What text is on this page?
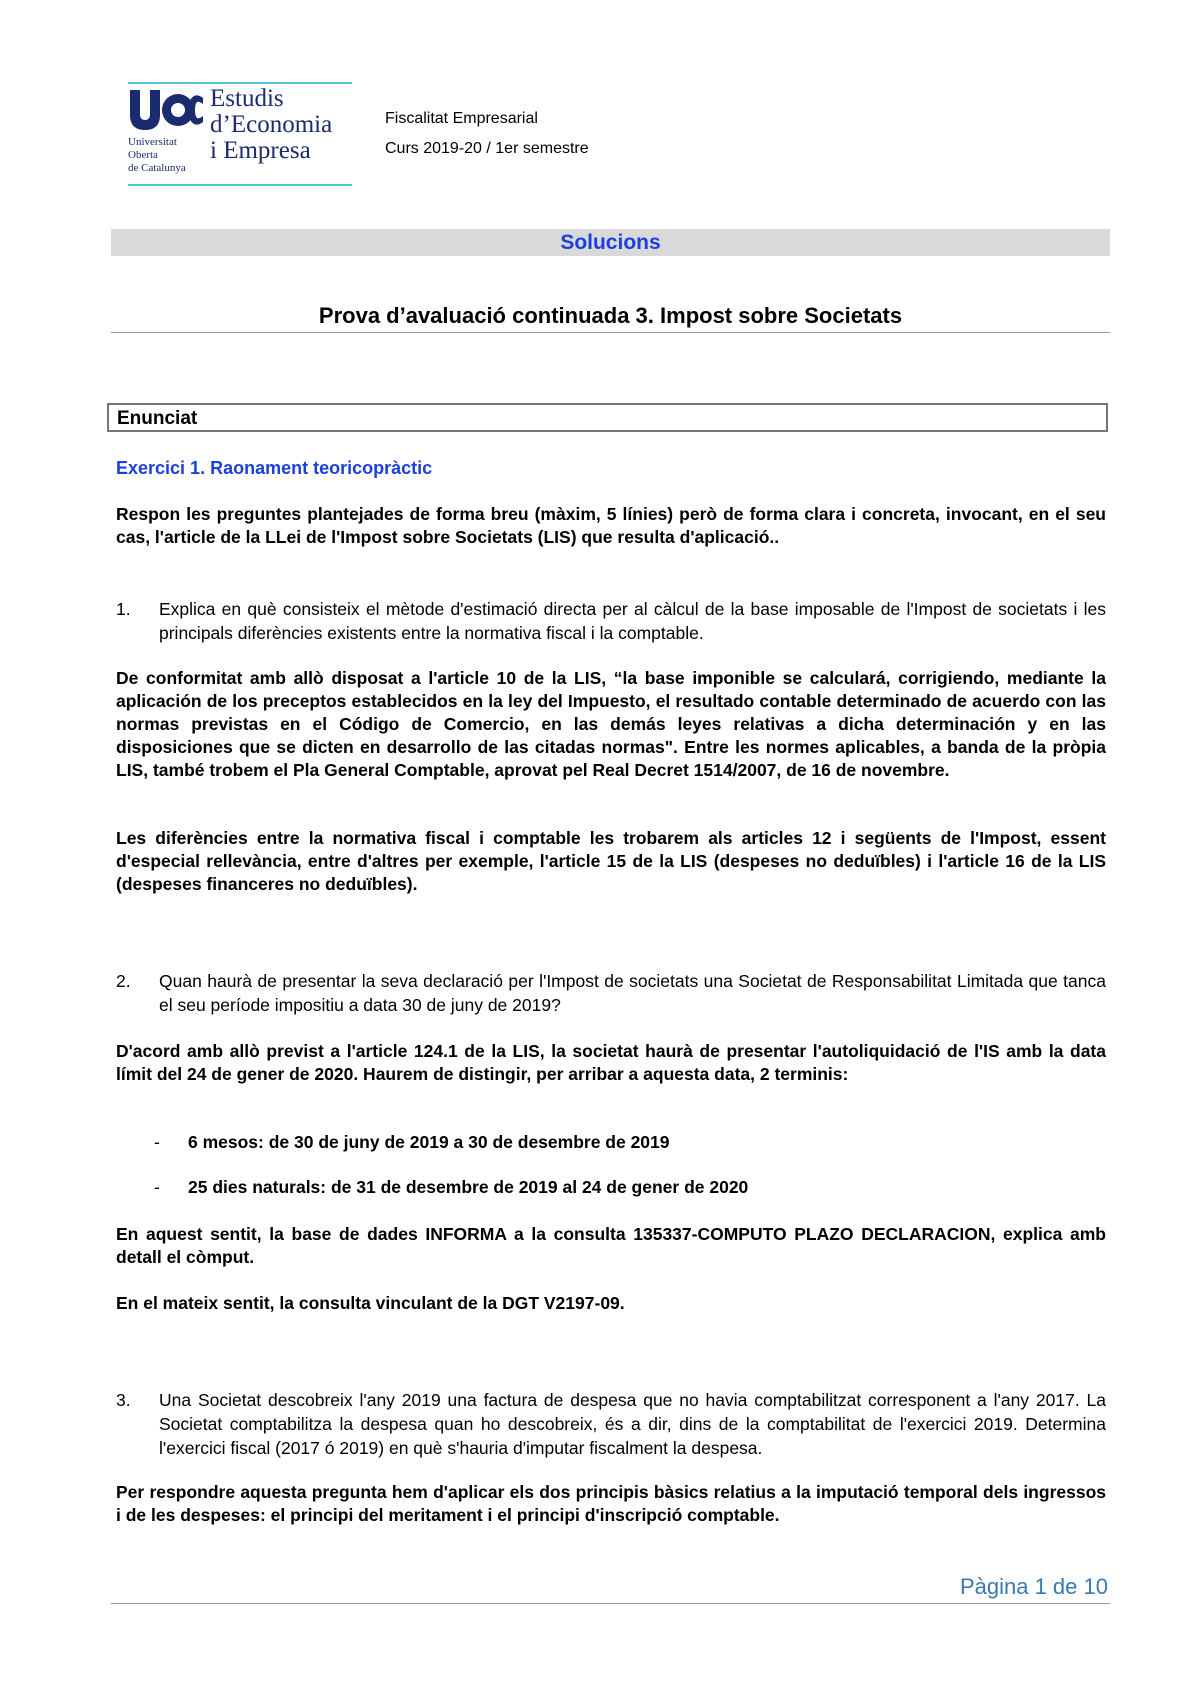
Universitat
Oberta
de Catalunya
Estudis
d’Economia
i Empresa
Fiscalitat Empresarial
Curs 2019-20 / 1er semestre
Solucions
Prova d’avaluació continuada 3. Impost sobre Societats
Enunciat
Exercici 1. Raonament teoricopràctic
Respon les preguntes plantejades de forma breu (màxim, 5 línies) però de forma clara i concreta, invocant, en el seu cas, l'article de la LLei de l'Impost sobre Societats (LIS) que resulta d'aplicació..
1. Explica en què consisteix el mètode d'estimació directa per al càlcul de la base imposable de l'Impost de societats i les principals diferències existents entre la normativa fiscal i la comptable.
De conformitat amb allò disposat a l'article 10 de la LIS, “la base imponible se calculará, corrigiendo, mediante la aplicación de los preceptos establecidos en la ley del Impuesto, el resultado contable determinado de acuerdo con las normas previstas en el Código de Comercio, en las demás leyes relativas a dicha determinación y en las disposiciones que se dicten en desarrollo de las citadas normas". Entre les normes aplicables, a banda de la pròpia LIS, també trobem el Pla General Comptable, aprovat pel Real Decret 1514/2007, de 16 de novembre.
Les diferències entre la normativa fiscal i comptable les trobarem als articles 12 i següents de l'Impost, essent d'especial rellevància, entre d'altres per exemple, l'article 15 de la LIS (despeses no deduïbles) i l'article 16 de la LIS (despeses financeres no deduïbles).
2. Quan haurà de presentar la seva declaració per l'Impost de societats una Societat de Responsabilitat Limitada que tanca el seu període impositiu a data 30 de juny de 2019?
D'acord amb allò previst a l'article 124.1 de la LIS, la societat haurà de presentar l'autoliquidació de l'IS amb la data límit del 24 de gener de 2020. Haurem de distingir, per arribar a aquesta data, 2 terminis:
- 6 mesos: de 30 de juny de 2019 a 30 de desembre de 2019
- 25 dies naturals: de 31 de desembre de 2019 al 24 de gener de 2020
En aquest sentit, la base de dades INFORMA a la consulta 135337-COMPUTO PLAZO DECLARACION, explica amb detall el còmput.
En el mateix sentit, la consulta vinculant de la DGT V2197-09.
3. Una Societat descobreix l'any 2019 una factura de despesa que no havia comptabilitzat corresponent a l'any 2017. La Societat comptabilitza la despesa quan ho descobreix, és a dir, dins de la comptabilitat de l'exercici 2019. Determina l'exercici fiscal (2017 ó 2019) en què s'hauria d'imputar fiscalment la despesa.
Per respondre aquesta pregunta hem d'aplicar els dos principis bàsics relatius a la imputació temporal dels ingressos i de les despeses: el principi del meritament i el principi d'inscripció comptable.
Pàgina 1 de 10
